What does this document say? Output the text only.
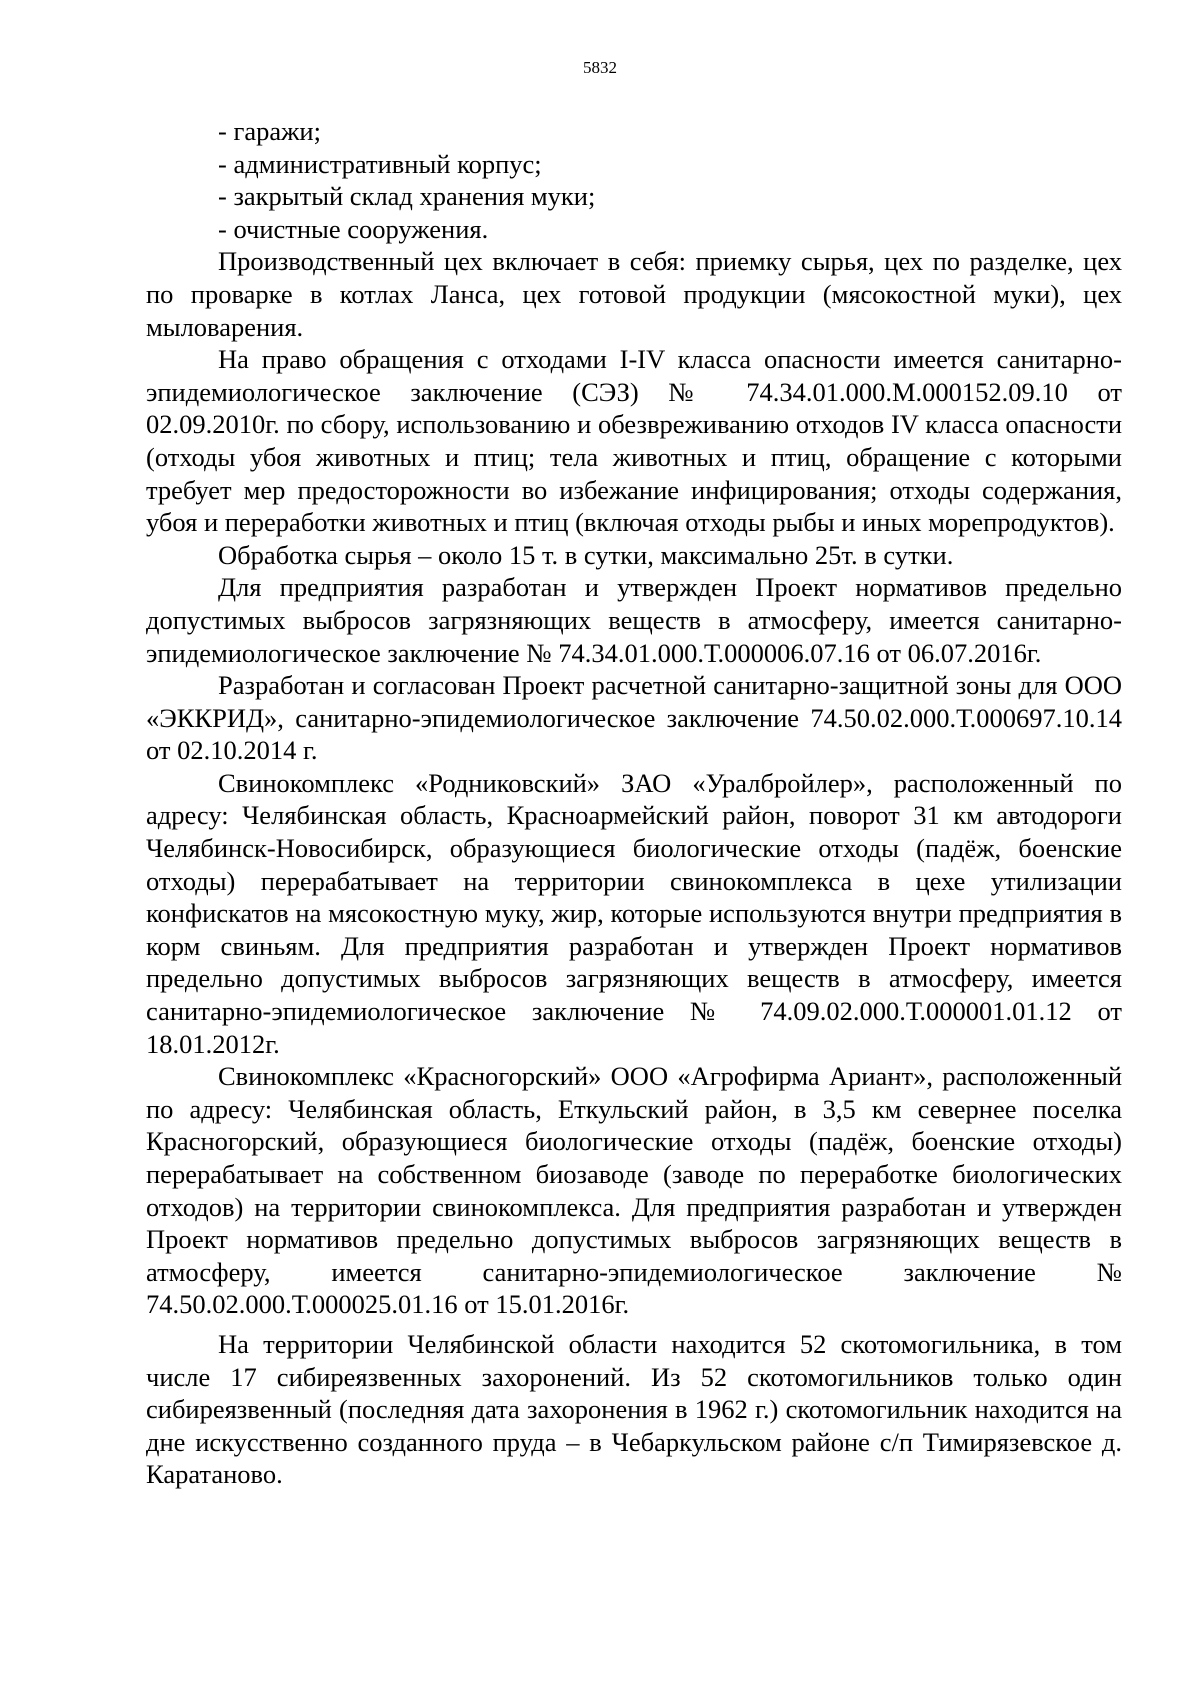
5832

- гаражи;

- административный корпус;

- закрытый склад хранения муки;

- очистные сооружения.

Производственный цех включает в себя: приемку сырья, цех по разделке, цех по проварке в котлах Ланса, цех готовой продукции (мясокостной муки), цех мыловарения.

На право обращения с отходами I-IV класса опасности имеется санитарно-эпидемиологическое заключение (СЭЗ) № 74.34.01.000.М.000152.09.10 от 02.09.2010г. по сбору, использованию и обезвреживанию отходов IV класса опасности (отходы убоя животных и птиц; тела животных и птиц, обращение с которыми требует мер предосторожности во избежание инфицирования; отходы содержания, убоя и переработки животных и птиц (включая отходы рыбы и иных морепродуктов).

Обработка сырья – около 15 т. в сутки, максимально 25т. в сутки.

Для предприятия разработан и утвержден Проект нормативов предельно допустимых выбросов загрязняющих веществ в атмосферу, имеется санитарно-эпидемиологическое заключение № 74.34.01.000.Т.000006.07.16 от 06.07.2016г.

Разработан и согласован Проект расчетной санитарно-защитной зоны для ООО «ЭККРИД», санитарно-эпидемиологическое заключение 74.50.02.000.Т.000697.10.14 от 02.10.2014 г.

Свинокомплекс «Родниковский» ЗАО «Уралбройлер», расположенный по адресу: Челябинская область, Красноармейский район, поворот 31 км автодороги Челябинск-Новосибирск, образующиеся биологические отходы (падёж, боенские отходы) перерабатывает на территории свинокомплекса в цехе утилизации конфискатов на мясокостную муку, жир, которые используются внутри предприятия в корм свиньям. Для предприятия разработан и утвержден Проект нормативов предельно допустимых выбросов загрязняющих веществ в атмосферу, имеется санитарно-эпидемиологическое заключение № 74.09.02.000.Т.000001.01.12 от 18.01.2012г.

Свинокомплекс «Красногорский» ООО «Агрофирма Ариант», расположенный по адресу: Челябинская область, Еткульский район, в 3,5 км севернее поселка Красногорский, образующиеся биологические отходы (падёж, боенские отходы) перерабатывает на собственном биозаводе (заводе по переработке биологических отходов) на территории свинокомплекса. Для предприятия разработан и утвержден Проект нормативов предельно допустимых выбросов загрязняющих веществ в атмосферу, имеется санитарно-эпидемиологическое заключение № 74.50.02.000.Т.000025.01.16 от 15.01.2016г.

На территории Челябинской области находится 52 скотомогильника, в том числе 17 сибиреязвенных захоронений. Из 52 скотомогильников только один сибиреязвенный (последняя дата захоронения в 1962 г.) скотомогильник находится на дне искусственно созданного пруда – в Чебаркульском районе с/п Тимирязевское д. Каратаново.
